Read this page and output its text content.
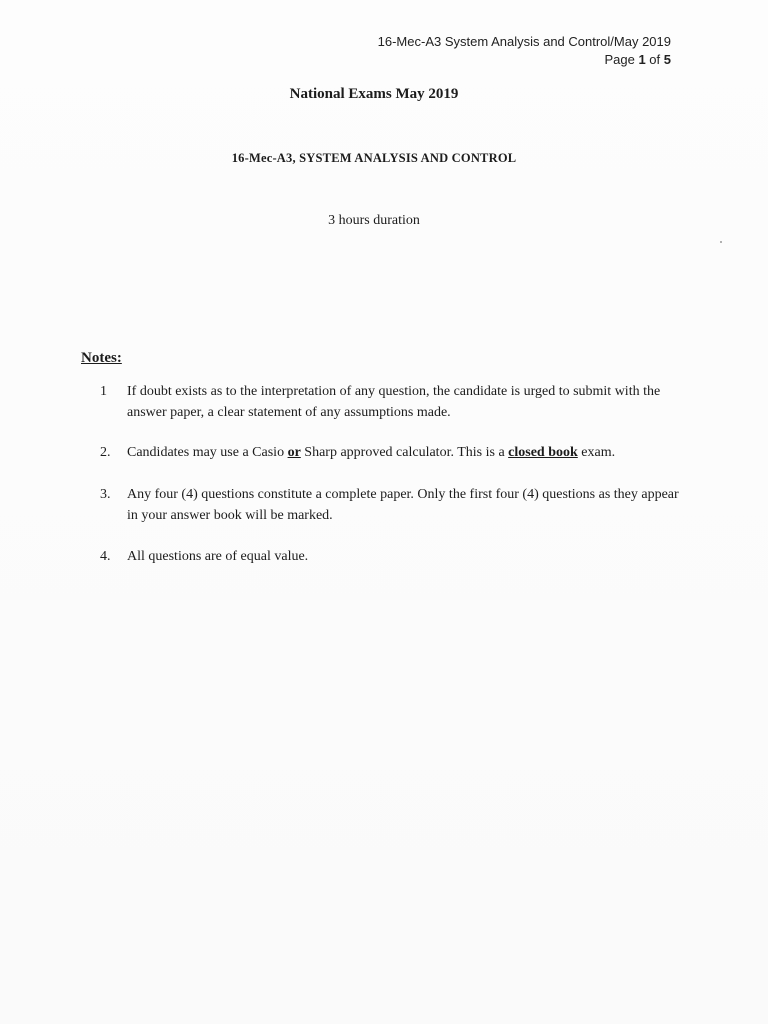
16-Mec-A3 System Analysis and Control/May 2019
Page 1 of 5
National Exams May 2019
16-Mec-A3, SYSTEM ANALYSIS AND CONTROL
3 hours duration
Notes:
1	If doubt exists as to the interpretation of any question, the candidate is urged to submit with the answer paper, a clear statement of any assumptions made.
2.	Candidates may use a Casio or Sharp approved calculator. This is a closed book exam.
3.	Any four (4) questions constitute a complete paper. Only the first four (4) questions as they appear in your answer book will be marked.
4.	All questions are of equal value.
